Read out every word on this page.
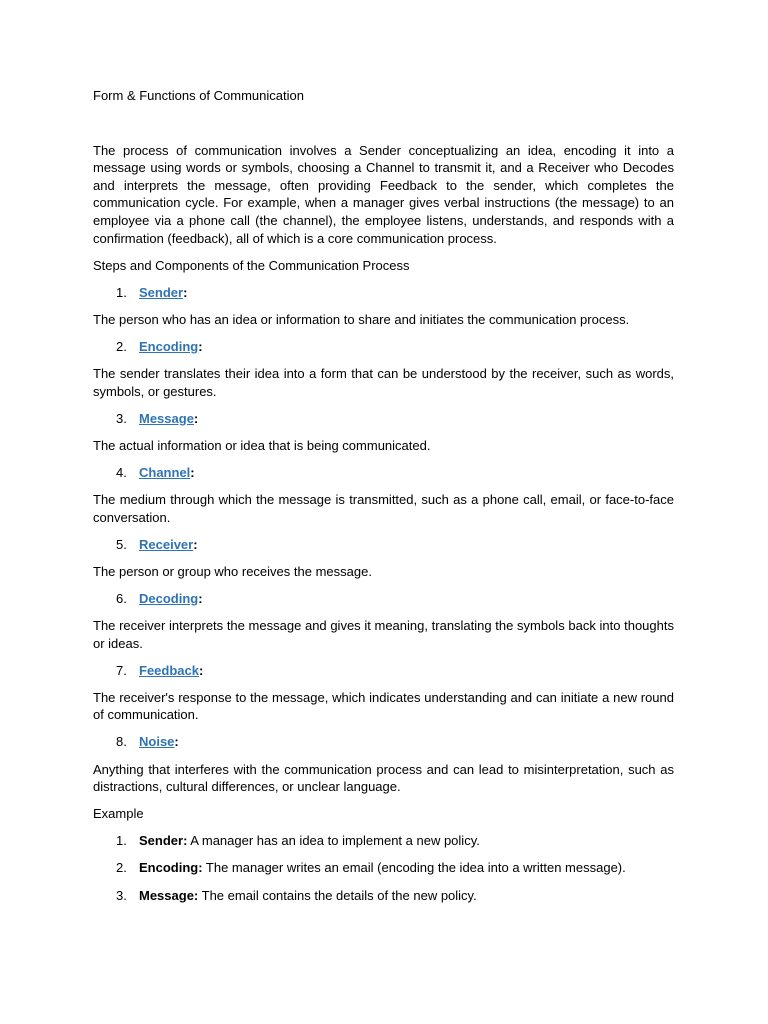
Form & Functions of Communication

The process of communication involves a Sender conceptualizing an idea, encoding it into a message using words or symbols, choosing a Channel to transmit it, and a Receiver who Decodes and interprets the message, often providing Feedback to the sender, which completes the communication cycle. For example, when a manager gives verbal instructions (the message) to an employee via a phone call (the channel), the employee listens, understands, and responds with a confirmation (feedback), all of which is a core communication process.

Steps and Components of the Communication Process

1. Sender:

The person who has an idea or information to share and initiates the communication process.

2. Encoding:

The sender translates their idea into a form that can be understood by the receiver, such as words, symbols, or gestures.

3. Message:

The actual information or idea that is being communicated.

4. Channel:

The medium through which the message is transmitted, such as a phone call, email, or face-to-face conversation.

5. Receiver:

The person or group who receives the message.

6. Decoding:

The receiver interprets the message and gives it meaning, translating the symbols back into thoughts or ideas.

7. Feedback:

The receiver's response to the message, which indicates understanding and can initiate a new round of communication.

8. Noise:

Anything that interferes with the communication process and can lead to misinterpretation, such as distractions, cultural differences, or unclear language.

Example

1. Sender: A manager has an idea to implement a new policy.
2. Encoding: The manager writes an email (encoding the idea into a written message).
3. Message: The email contains the details of the new policy.
